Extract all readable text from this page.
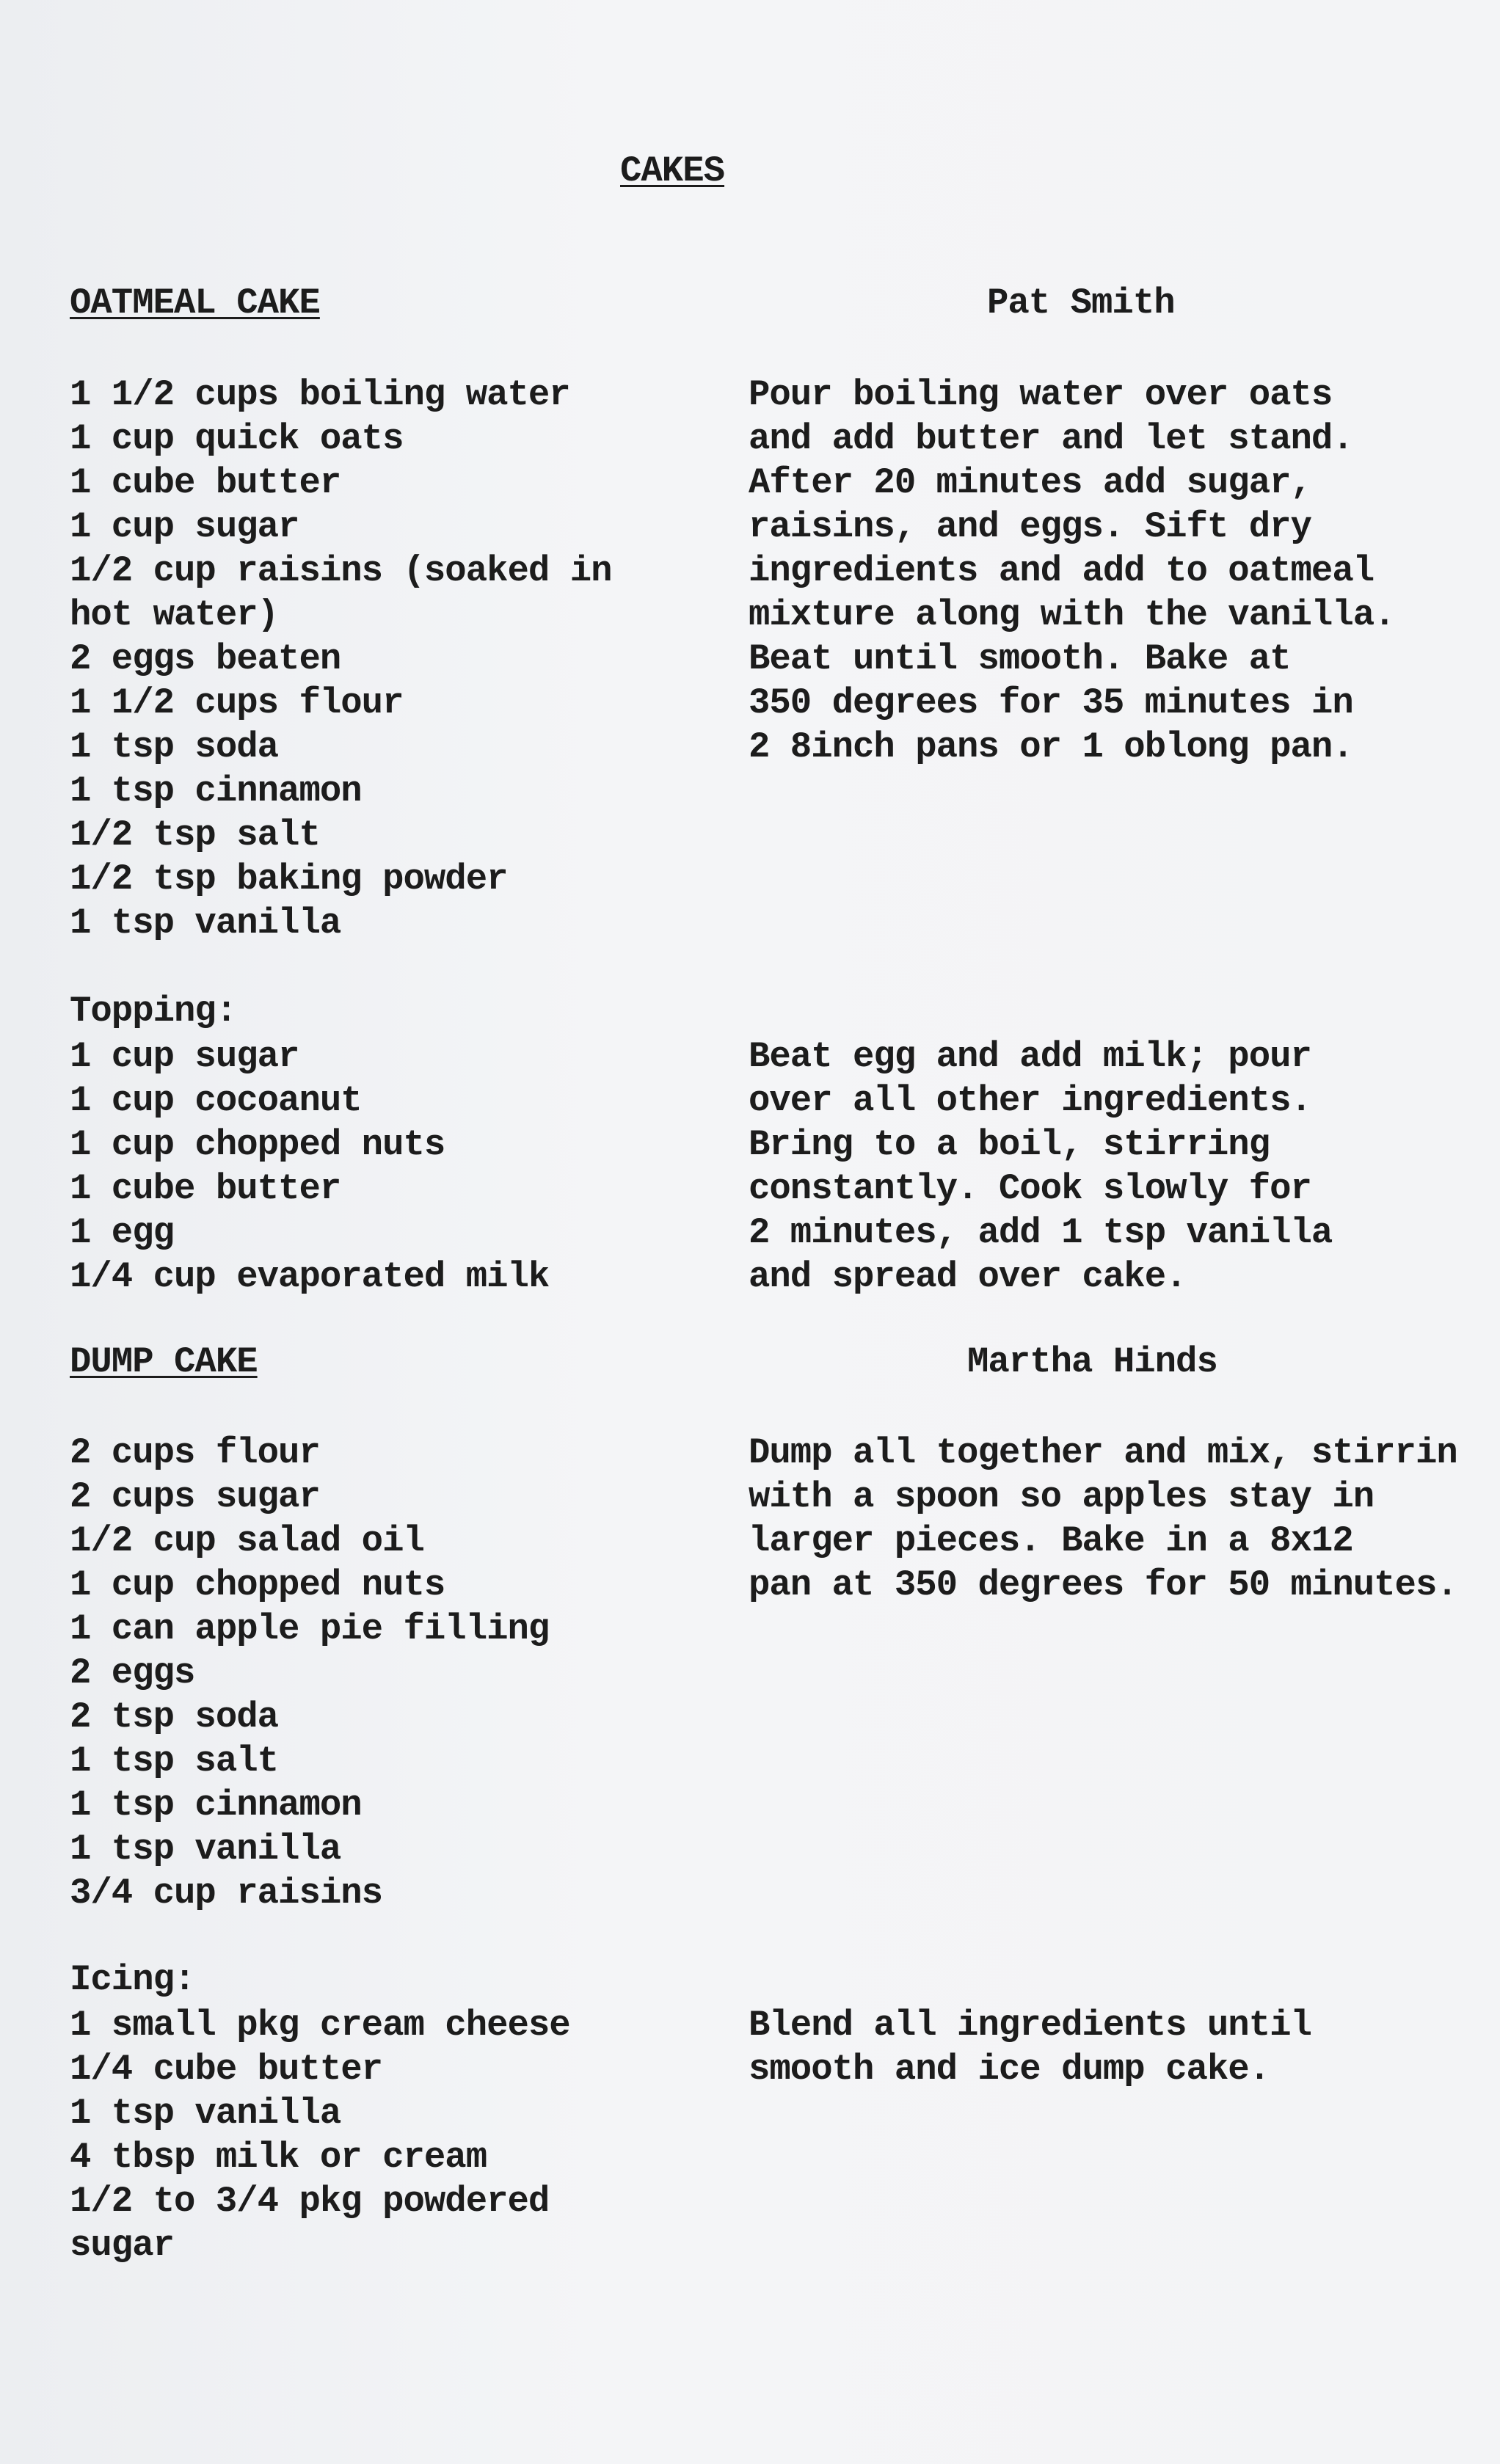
CAKES
OATMEAL CAKE	Pat Smith
1 1/2 cups boiling water
1 cup quick oats
1 cube butter
1 cup sugar
1/2 cup raisins (soaked in
hot water)
2 eggs beaten
1 1/2 cups flour
1 tsp soda
1 tsp cinnamon
1/2 tsp salt
1/2 tsp baking powder
1 tsp vanilla
Pour boiling water over oats
and add butter and let stand.
After 20 minutes add sugar,
raisins, and eggs. Sift dry
ingredients and add to oatmeal
mixture along with the vanilla.
Beat until smooth. Bake at
350 degrees for 35 minutes in
2 8inch pans or 1 oblong pan.
Topping:
1 cup sugar
1 cup cocoanut
1 cup chopped nuts
1 cube butter
1 egg
1/4 cup evaporated milk
Beat egg and add milk; pour
over all other ingredients.
Bring to a boil, stirring
constantly. Cook slowly for
2 minutes, add 1 tsp vanilla
and spread over cake.
DUMP CAKE	Martha Hinds
2 cups flour
2 cups sugar
1/2 cup salad oil
1 cup chopped nuts
1 can apple pie filling
2 eggs
2 tsp soda
1 tsp salt
1 tsp cinnamon
1 tsp vanilla
3/4 cup raisins
Dump all together and mix, stirrin
with a spoon so apples stay in
larger pieces. Bake in a 8x12
pan at 350 degrees for 50 minutes.
Icing:
1 small pkg cream cheese
1/4 cube butter
1 tsp vanilla
4 tbsp milk or cream
1/2 to 3/4 pkg powdered
sugar
Blend all ingredients until
smooth and ice dump cake.
